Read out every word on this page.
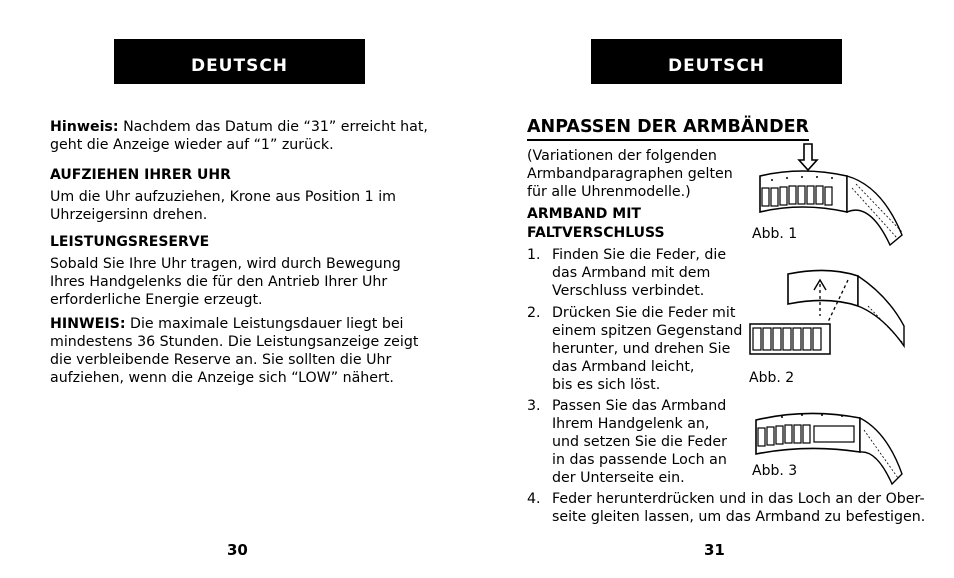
DEUTSCH

Hinweis: Nachdem das Datum die “31” erreicht hat,

geht die Anzeige wieder auf “1” zurück.

AUFZIEHEN IHRER UHR

Um die Uhr aufzuziehen, Krone aus Position 1 im

Uhrzeigersinn drehen.

LEISTUNGSRESERVE

Sobald Sie Ihre Uhr tragen, wird durch Bewegung

Ihres Handgelenks die für den Antrieb Ihrer Uhr

erforderliche Energie erzeugt.

HINWEIS: Die maximale Leistungsdauer liegt bei

mindestens 36 Stunden. Die Leistungsanzeige zeigt

die verbleibende Reserve an. Sie sollten die Uhr

aufziehen, wenn die Anzeige sich “LOW” nähert.

30
DEUTSCH
ANPASSEN DER ARMBÄNDER

(Variationen der folgenden

Armbandparagraphen gelten

für alle Uhrenmodelle.)

ARMBAND MIT

FALTVERSCHLUSS

1. Finden Sie die Feder, die
das Armband mit dem
Verschluss verbindet.
2. Drücken Sie die Feder mit
einem spitzen Gegenstand
herunter, und drehen Sie
das Armband leicht,
bis es sich löst.
3. Passen Sie das Armband
Ihrem Handgelenk an,
und setzen Sie die Feder
in das passende Loch an
der Unterseite ein.
4. Feder herunterdrücken und in das Loch an der Ober-
seite gleiten lassen, um das Armband zu befestigen.
Abb. 1
Abb. 2
Abb. 3
31
